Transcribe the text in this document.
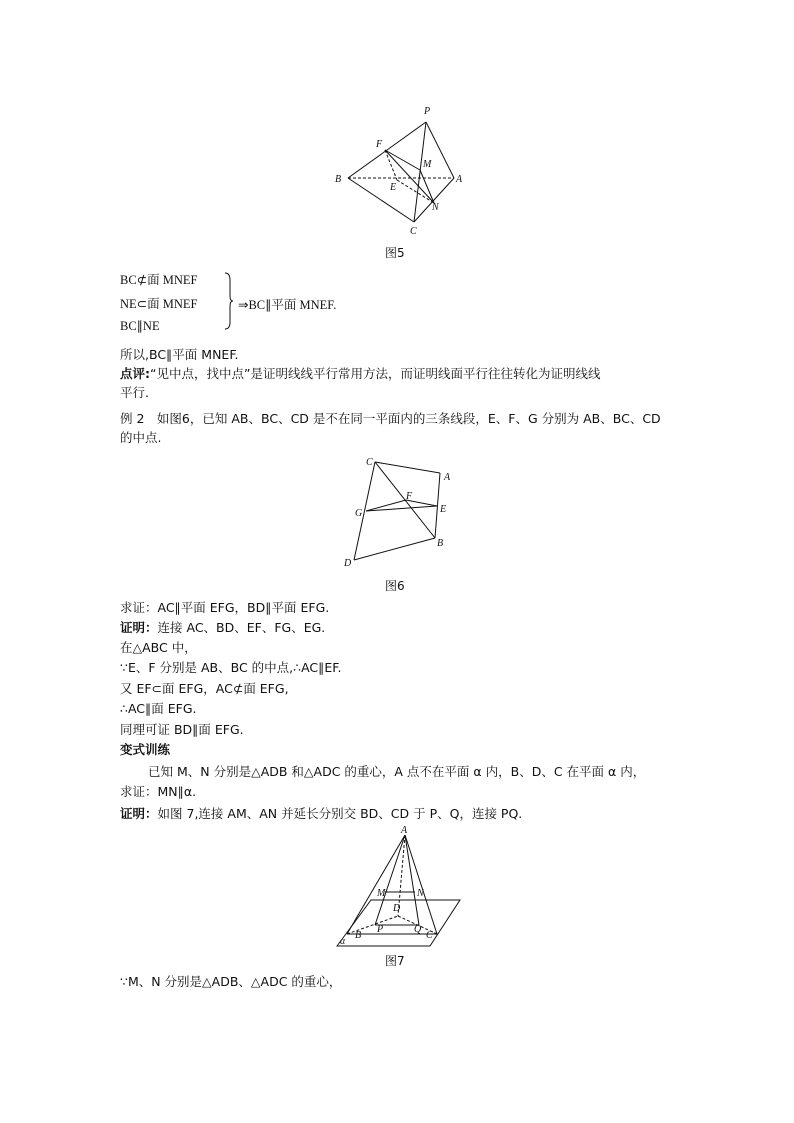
P
F
M
B
E
A
N
C
图5
BC⊄面 MNEF
NE⊂面 MNEF
BC∥NE
⇒BC∥平面 MNEF.
所以,BC∥平面 MNEF.
点评:“见中点，找中点”是证明线线平行常用方法，而证明线面平行往往转化为证明线线
平行.
例 2　如图6，已知 AB、BC、CD 是不在同一平面内的三条线段，E、F、G 分别为 AB、BC、CD
的中点.
C
A
F
G	E
B
D
图6
求证：AC∥平面 EFG，BD∥平面 EFG.
证明：连接 AC、BD、EF、FG、EG.
在△ABC 中，
∵E、F 分别是 AB、BC 的中点,∴AC∥EF.
又 EF⊂面 EFG，AC⊄面 EFG,
∴AC∥面 EFG.
同理可证 BD∥面 EFG.
变式训练
已知 M、N 分别是△ADB 和△ADC 的重心，A 点不在平面 α 内，B、D、C 在平面 α 内，
求证：MN∥α.
证明：如图 7,连接 AM、AN 并延长分别交 BD、CD 于 P、Q，连接 PQ.
A
M	N
D
B
P	Q
C
α
图7
∵M、N 分别是△ADB、△ADC 的重心，
